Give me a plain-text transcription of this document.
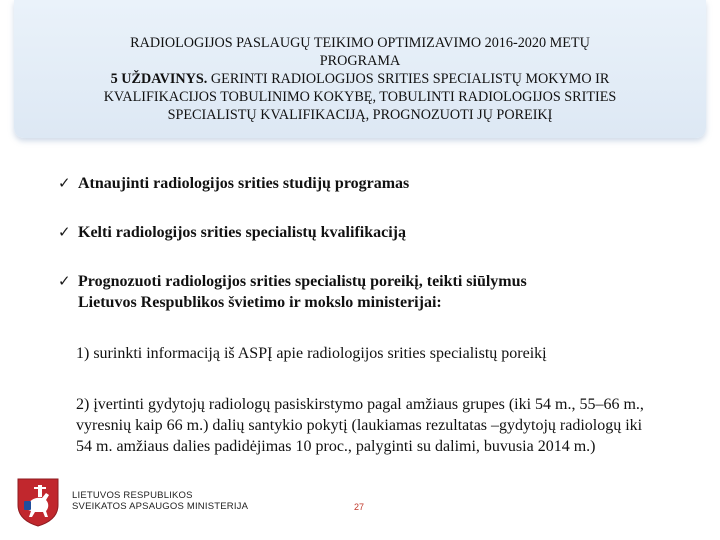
RADIOLOGIJOS PASLAUGŲ TEIKIMO OPTIMIZAVIMO 2016-2020 METŲ
PROGRAMA
5 UŽDAVINYS. GERINTI RADIOLOGIJOS SRITIES SPECIALISTŲ MOKYMO IR
KVALIFIKACIJOS TOBULINIMO KOKYBĘ, TOBULINTI RADIOLOGIJOS SRITIES
SPECIALISTŲ KVALIFIKACIJĄ, PROGNOZUOTI JŲ POREIKĮ
✓ Atnaujinti radiologijos srities studijų programas
✓ Kelti radiologijos srities specialistų kvalifikaciją
✓ Prognozuoti radiologijos srities specialistų poreikį, teikti siūlymus
Lietuvos Respublikos švietimo ir mokslo ministerijai:
1) surinkti informaciją iš ASPĮ apie radiologijos srities specialistų poreikį
2) įvertinti gydytojų radiologų pasiskirstymo pagal amžiaus grupes (iki 54 m., 55–66 m., vyresnių kaip 66 m.) dalių santykio pokytį (laukiamas rezultatas –gydytojų radiologų iki 54 m. amžiaus dalies padidėjimas 10 proc., palyginti su dalimi, buvusia 2014 m.)
LIETUVOS RESPUBLIKOS
SVEIKATOS APSAUGOS MINISTERIJA	27
